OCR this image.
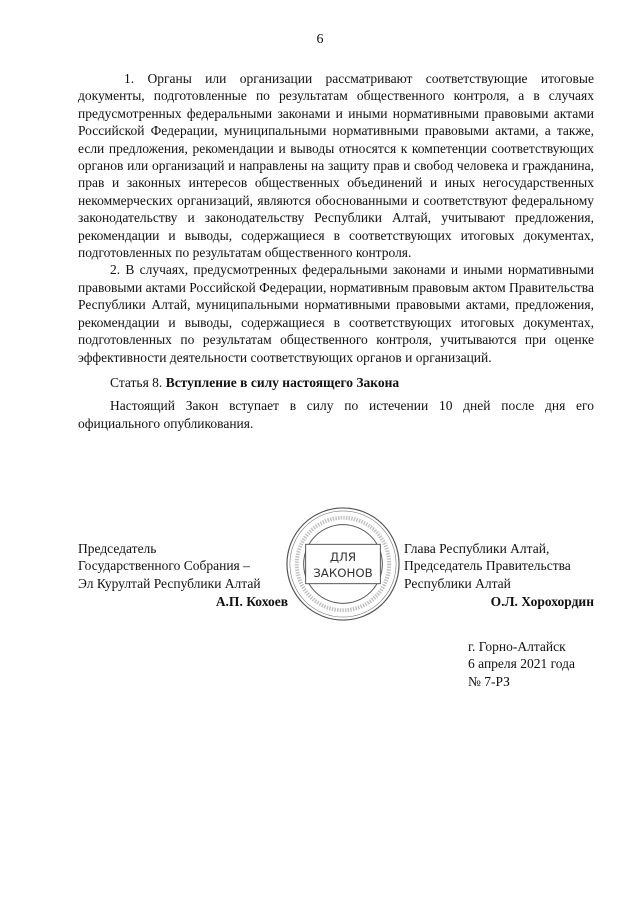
6

1. Органы или организации рассматривают соответствующие итоговые документы, подготовленные по результатам общественного контроля, а в случаях предусмотренных федеральными законами и иными нормативными правовыми актами Российской Федерации, муниципальными нормативными правовыми актами, а также, если предложения, рекомендации и выводы относятся к компетенции соответствующих органов или организаций и направлены на защиту прав и свобод человека и гражданина, прав и законных интересов общественных объединений и иных негосударственных некоммерческих организаций, являются обоснованными и соответствуют федеральному законодательству и законодательству Республики Алтай, учитывают предложения, рекомендации и выводы, содержащиеся в соответствующих итоговых документах, подготовленных по результатам общественного контроля.

2. В случаях, предусмотренных федеральными законами и иными нормативными правовыми актами Российской Федерации, нормативным правовым актом Правительства Республики Алтай, муниципальными нормативными правовыми актами, предложения, рекомендации и выводы, содержащиеся в соответствующих итоговых документах, подготовленных по результатам общественного контроля, учитываются при оценке эффективности деятельности соответствующих органов и организаций.

Статья 8. Вступление в силу настоящего Закона

Настоящий Закон вступает в силу по истечении 10 дней после дня его официального опубликования.

Председатель
Государственного Собрания –
Эл Курултай Республики Алтай
А.П. Кохоев
Глава Республики Алтай,
Председатель Правительства
Республики Алтай
О.Л. Хорохордин
ДЛЯ
ЗАКОНОВ
г. Горно-Алтайск
6 апреля 2021 года
№ 7-РЗ
